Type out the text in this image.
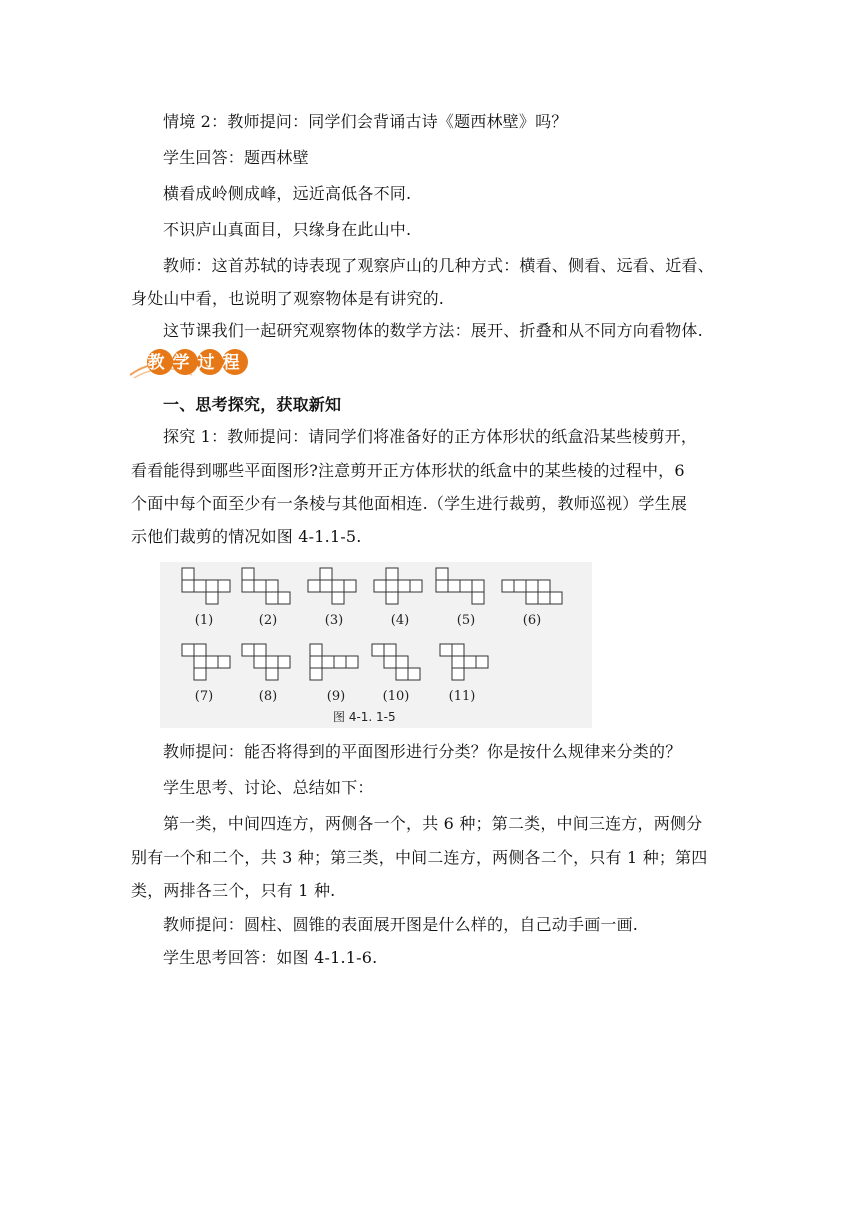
情境 2：教师提问：同学们会背诵古诗《题西林壁》吗？
学生回答：题西林壁
横看成岭侧成峰，远近高低各不同.
不识庐山真面目，只缘身在此山中.
教师：这首苏轼的诗表现了观察庐山的几种方式：横看、侧看、远看、近看、
身处山中看，也说明了观察物体是有讲究的.
这节课我们一起研究观察物体的数学方法：展开、折叠和从不同方向看物体.
教学过程
一、思考探究，获取新知
探究 1：教师提问：请同学们将准备好的正方体形状的纸盒沿某些棱剪开，
看看能得到哪些平面图形?注意剪开正方体形状的纸盒中的某些棱的过程中，6
个面中每个面至少有一条棱与其他面相连.（学生进行裁剪，教师巡视）学生展
示他们裁剪的情况如图 4-1.1-5.
(1)	(2)	(3)	(4)	(5)	(6)
(7)	(8)	(9)	(10)	(11)
图 4-1. 1-5
教师提问：能否将得到的平面图形进行分类？你是按什么规律来分类的？
学生思考、讨论、总结如下：
第一类，中间四连方，两侧各一个，共 6 种；第二类，中间三连方，两侧分
别有一个和二个，共 3 种；第三类，中间二连方，两侧各二个，只有 1 种；第四
类，两排各三个，只有 1 种.
教师提问：圆柱、圆锥的表面展开图是什么样的，自己动手画一画.
学生思考回答：如图 4-1.1-6.
